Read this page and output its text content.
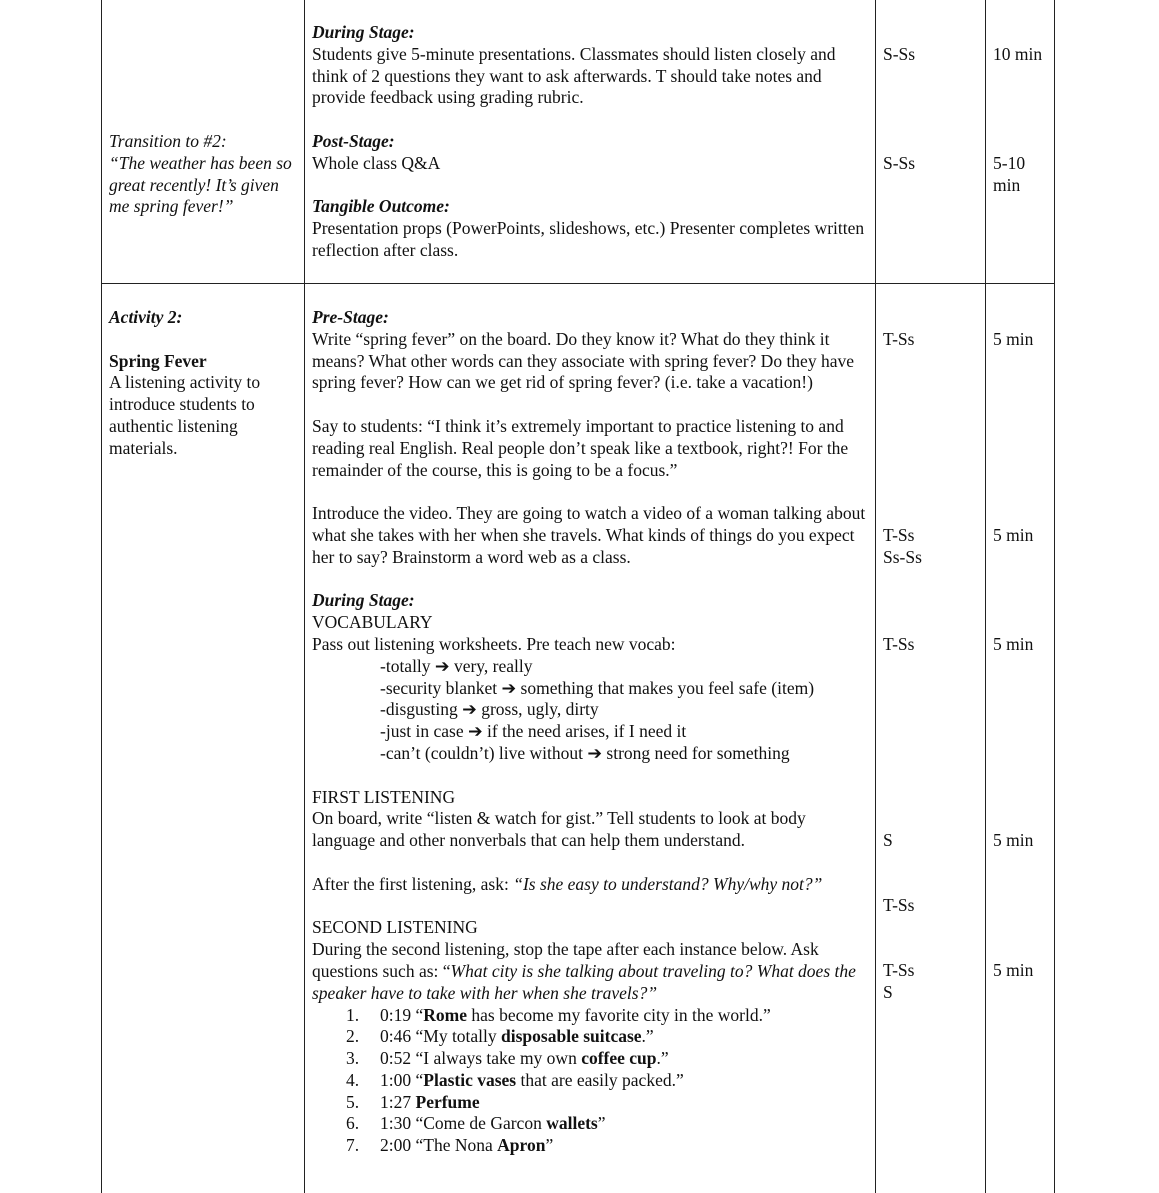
Transition to #2:

“The weather has been so great recently! It’s given me spring fever!”

During Stage:

Students give 5-minute presentations. Classmates should listen closely and think of 2 questions they want to ask afterwards. T should take notes and provide feedback using grading rubric.

Post-Stage:

Whole class Q&A

Tangible Outcome:

Presentation props (PowerPoints, slideshows, etc.) Presenter completes written reflection after class.

S-Ss
S-Ss
10 min
5-10 min

Activity 2:

Spring Fever

A listening activity to introduce students to authentic listening materials.

Pre-Stage:

Write “spring fever” on the board. Do they know it? What do they think it means? What other words can they associate with spring fever? Do they have spring fever? How can we get rid of spring fever? (i.e. take a vacation!)

Say to students: “I think it’s extremely important to practice listening to and reading real English. Real people don’t speak like a textbook, right?! For the remainder of the course, this is going to be a focus.”

Introduce the video. They are going to watch a video of a woman talking about what she takes with her when she travels. What kinds of things do you expect her to say? Brainstorm a word web as a class.

During Stage:

VOCABULARY

Pass out listening worksheets. Pre teach new vocab:

-totally ➔ very, really

-security blanket ➔ something that makes you feel safe (item)

-disgusting ➔ gross, ugly, dirty

-just in case ➔ if the need arises, if I need it

-can’t (couldn’t) live without ➔ strong need for something

FIRST LISTENING

On board, write “listen & watch for gist.” Tell students to look at body language and other nonverbals that can help them understand.

After the first listening, ask: “Is she easy to understand? Why/why not?”

SECOND LISTENING

During the second listening, stop the tape after each instance below. Ask questions such as: “What city is she talking about traveling to? What does the speaker have to take with her when she travels?”

1. 0:19 “Rome has become my favorite city in the world.”
2. 0:46 “My totally disposable suitcase.”
3. 0:52 “I always take my own coffee cup.”
4. 1:00 “Plastic vases that are easily packed.”
5. 1:27 Perfume
6. 1:30 “Come de Garcon wallets”
7. 2:00 “The Nona Apron”
T-Ss

T-Ss

Ss-Ss

T-Ss
S
T-Ss

T-Ss

S

5 min
5 min
5 min
5 min
5 min
